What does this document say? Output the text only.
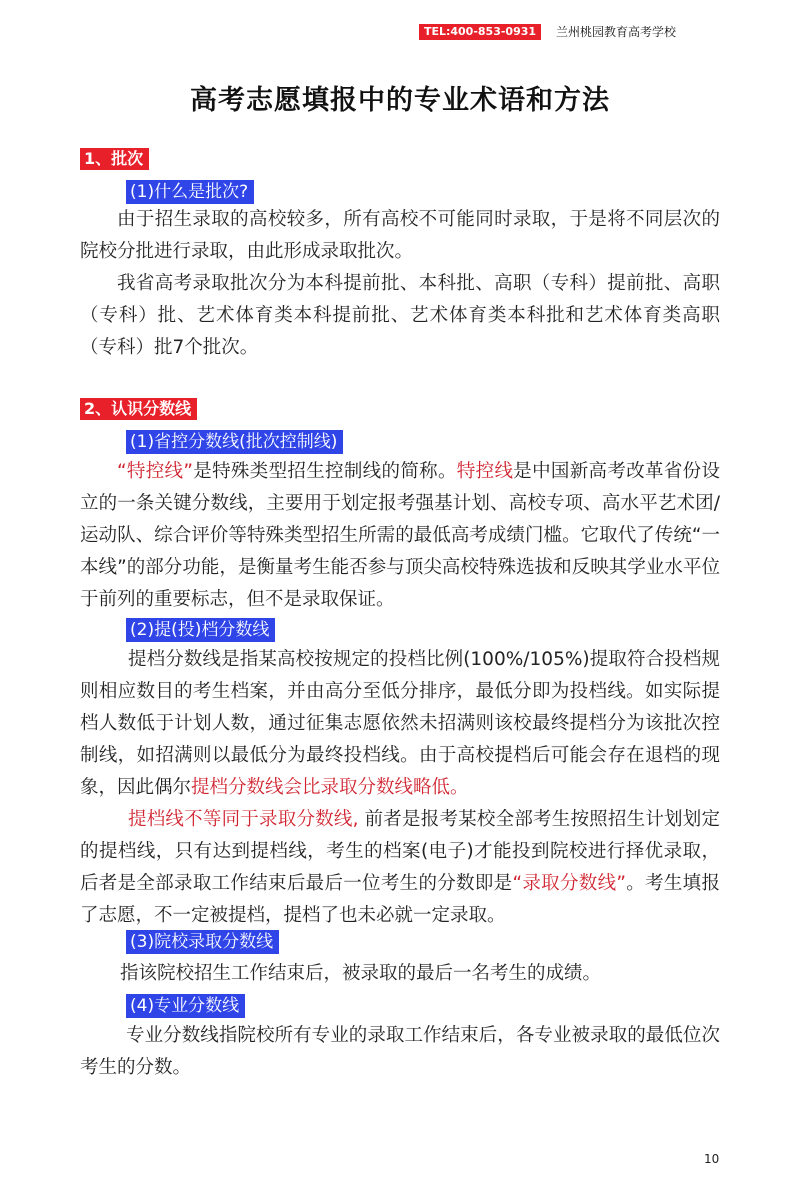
TEL:400-853-0931	兰州桃园教育高考学校
高考志愿填报中的专业术语和方法
1、批次
(1)什么是批次?

由于招生录取的高校较多，所有高校不可能同时录取，于是将不同层次的院校分批进行录取，由此形成录取批次。

我省高考录取批次分为本科提前批、本科批、高职（专科）提前批、高职（专科）批、艺术体育类本科提前批、艺术体育类本科批和艺术体育类高职（专科）批7个批次。

2、认识分数线
(1)省控分数线(批次控制线)

“特控线”是特殊类型招生控制线的简称。特控线是中国新高考改革省份设立的一条关键分数线，主要用于划定报考强基计划、高校专项、高水平艺术团/运动队、综合评价等特殊类型招生所需的最低高考成绩门槛。它取代了传统“一本线”的部分功能，是衡量考生能否参与顶尖高校特殊选拔和反映其学业水平位于前列的重要标志，但不是录取保证。

(2)提(投)档分数线

提档分数线是指某高校按规定的投档比例(100%/105%)提取符合投档规则相应数目的考生档案，并由高分至低分排序，最低分即为投档线。如实际提档人数低于计划人数，通过征集志愿依然未招满则该校最终提档分为该批次控制线，如招满则以最低分为最终投档线。由于高校提档后可能会存在退档的现象，因此偶尔提档分数线会比录取分数线略低。

提档线不等同于录取分数线, 前者是报考某校全部考生按照招生计划划定的提档线，只有达到提档线，考生的档案(电子)才能投到院校进行择优录取，后者是全部录取工作结束后最后一位考生的分数即是“录取分数线”。考生填报了志愿，不一定被提档，提档了也未必就一定录取。

(3)院校录取分数线

指该院校招生工作结束后，被录取的最后一名考生的成绩。

(4)专业分数线

专业分数线指院校所有专业的录取工作结束后，各专业被录取的最低位次考生的分数。

10
